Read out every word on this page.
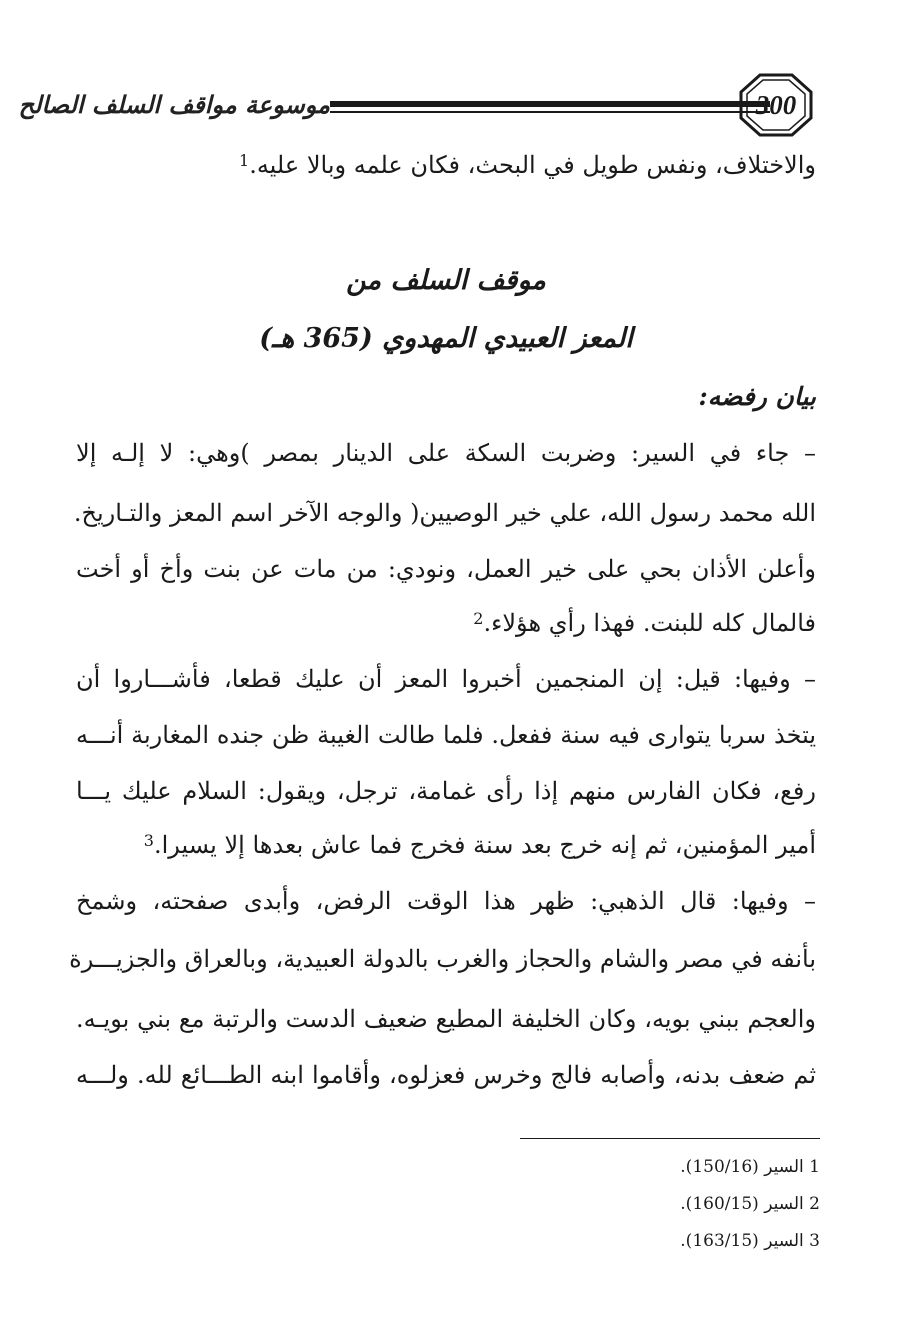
موسوعة مواقف السلف الصالح	300
والاختلاف، ونفس طويل في البحث، فكان علمه وبالا عليه.$^1$
موقف السلف من
المعز العبيدي المهدوي (365 هـ)
بيان رفضه:
– جاء في السير: وضربت السكة على الدينار بمصر )وهي: لا إلـه إلا
الله محمد رسول الله، علي خير الوصيين( والوجه الآخر اسم المعز والتـاريخ.
وأعلن الأذان بحي على خير العمل، ونودي: من مات عن بنت وأخ أو أخت
فالمال كله للبنت. فهذا رأي هؤلاء.$^2$
– وفيها: قيل: إن المنجمين أخبروا المعز أن عليك قطعا، فأشـــاروا أن
يتخذ سربا يتوارى فيه سنة ففعل. فلما طالت الغيبة ظن جنده المغاربة أنـــه
رفع، فكان الفارس منهم إذا رأى غمامة، ترجل، ويقول: السلام عليك يـــا
أمير المؤمنين، ثم إنه خرج بعد سنة فخرج فما عاش بعدها إلا يسيرا.$^3$
– وفيها: قال الذهبي: ظهر هذا الوقت الرفض، وأبدى صفحته، وشمخ
بأنفه في مصر والشام والحجاز والغرب بالدولة العبيدية، وبالعراق والجزيـــرة
والعجم ببني بويه، وكان الخليفة المطيع ضعيف الدست والرتبة مع بني بويـه.
ثم ضعف بدنه، وأصابه فالج وخرس فعزلوه، وأقاموا ابنه الطـــائع لله. ولـــه
1 السير (150/16).
2 السير (160/15).
3 السير (163/15).
